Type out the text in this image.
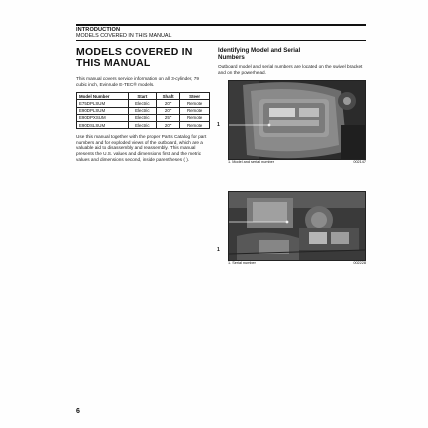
INTRODUCTION
MODELS COVERED IN THIS MANUAL
MODELS COVERED IN
THIS MANUAL

This manual covers service information on all 3-cylinder, 79 cubic inch, Evinrude E-TEC® models.

Model Number	Start	Shaft	Steer
E75DPLSUM	Electric	20"	Remote
E90DPLSUM	Electric	20"	Remote
E90DPXSUM	Electric	25"	Remote
E90DSLSUM	Electric	20"	Remote

Use this manual together with the proper Parts Catalog for part numbers and for exploded views of the outboard, which are a valuable aid to disassembly and reassembly. This manual presents the U.S. values and dimensions first and the metric values and dimensions second, inside parentheses ( ).

Identifying Model and Serial
Numbers

Outboard model and serial numbers are located on the swivel bracket and on the powerhead.

1
1. Model and serial number	002147
1
1. Serial number	002228
6
